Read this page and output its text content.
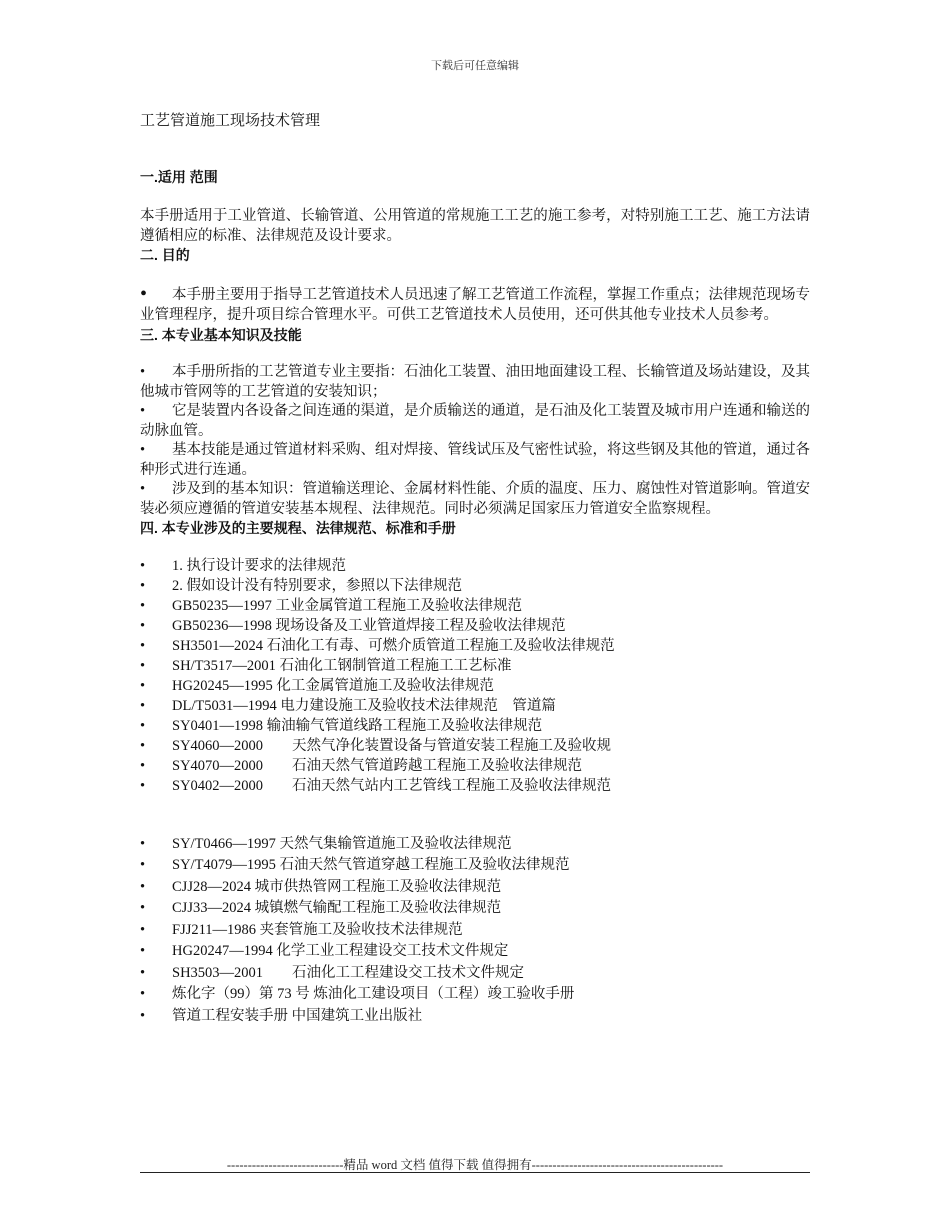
下载后可任意编辑
工艺管道施工现场技术管理
一.适用 范围
本手册适用于工业管道、长输管道、公用管道的常规施工工艺的施工参考，对特别施工工艺、施工方法请遵循相应的标准、法律规范及设计要求。
二. 目的
• 本手册主要用于指导工艺管道技术人员迅速了解工艺管道工作流程，掌握工作重点；法律规范现场专业管理程序，提升项目综合管理水平。可供工艺管道技术人员使用，还可供其他专业技术人员参考。
三. 本专业基本知识及技能
• 本手册所指的工艺管道专业主要指：石油化工装置、油田地面建设工程、长输管道及场站建设，及其他城市管网等的工艺管道的安装知识；
• 它是装置内各设备之间连通的渠道，是介质输送的通道，是石油及化工装置及城市用户连通和输送的动脉血管。
• 基本技能是通过管道材料采购、组对焊接、管线试压及气密性试验，将这些钢及其他的管道，通过各种形式进行连通。
• 涉及到的基本知识：管道输送理论、金属材料性能、介质的温度、压力、腐蚀性对管道影响。管道安装必须应遵循的管道安装基本规程、法律规范。同时必须满足国家压力管道安全监察规程。
四. 本专业涉及的主要规程、法律规范、标准和手册
•	1. 执行设计要求的法律规范
•	2. 假如设计没有特别要求，参照以下法律规范
•	GB50235—1997 工业金属管道工程施工及验收法律规范
•	GB50236—1998 现场设备及工业管道焊接工程及验收法律规范
•	SH3501—2024 石油化工有毒、可燃介质管道工程施工及验收法律规范
•	SH/T3517—2001 石油化工钢制管道工程施工工艺标准
•	HG20245—1995 化工金属管道施工及验收法律规范
•	DL/T5031—1994 电力建设施工及验收技术法律规范　管道篇
•	SY0401—1998 输油输气管道线路工程施工及验收法律规范
•	SY4060—2000　　天然气净化装置设备与管道安装工程施工及验收规
•	SY4070—2000　　石油天然气管道跨越工程施工及验收法律规范
•	SY0402—2000　　石油天然气站内工艺管线工程施工及验收法律规范
•	SY/T0466—1997 天然气集输管道施工及验收法律规范
•	SY/T4079—1995 石油天然气管道穿越工程施工及验收法律规范
•	CJJ28—2024 城市供热管网工程施工及验收法律规范
•	CJJ33—2024 城镇燃气输配工程施工及验收法律规范
•	FJJ211—1986 夹套管施工及验收技术法律规范
•	HG20247—1994 化学工业工程建设交工技术文件规定
•	SH3503—2001　　石油化工工程建设交工技术文件规定
•	炼化字（99）第 73 号 炼油化工建设项目（工程）竣工验收手册
•	管道工程安装手册 中国建筑工业出版社
----------------------------精品 word 文档 值得下载 值得拥有----------------------------------------------
